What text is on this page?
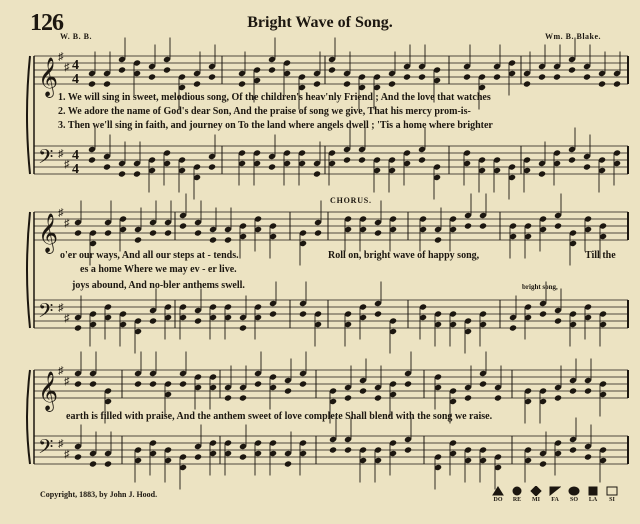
𝄞 ♯
♯ 4
4
𝄢 ♯
♯
4
4
𝄞 ♯
♯
𝄢 ♯
♯
𝄞 ♯
♯
𝄢 ♯
♯
126	Bright Wave of Song.
W. B. B.	Wm. B. Blake.
1. We will sing in sweet, melodious song, Of the children's heav'nly Friend ; And the love that watches
2. We adore the name of God's dear Son, And the praise of song we give, That his mercy prom-is-
3. Then we'll sing in faith, and journey on To the land where angels dwell ; 'Tis a home where brighter
CHORUS.
o'er our ways, And all our steps at - tends.	Roll on, bright wave of happy song,	Till the
es a home Where we may ev - er live.
joys abound, And no-bler anthems swell.	bright song,
earth is filled with praise, And the anthem sweet of love complete Shall blend with the song we raise.
Copyright, 1883, by John J. Hood.
DO RE MI FA SO LA SI
